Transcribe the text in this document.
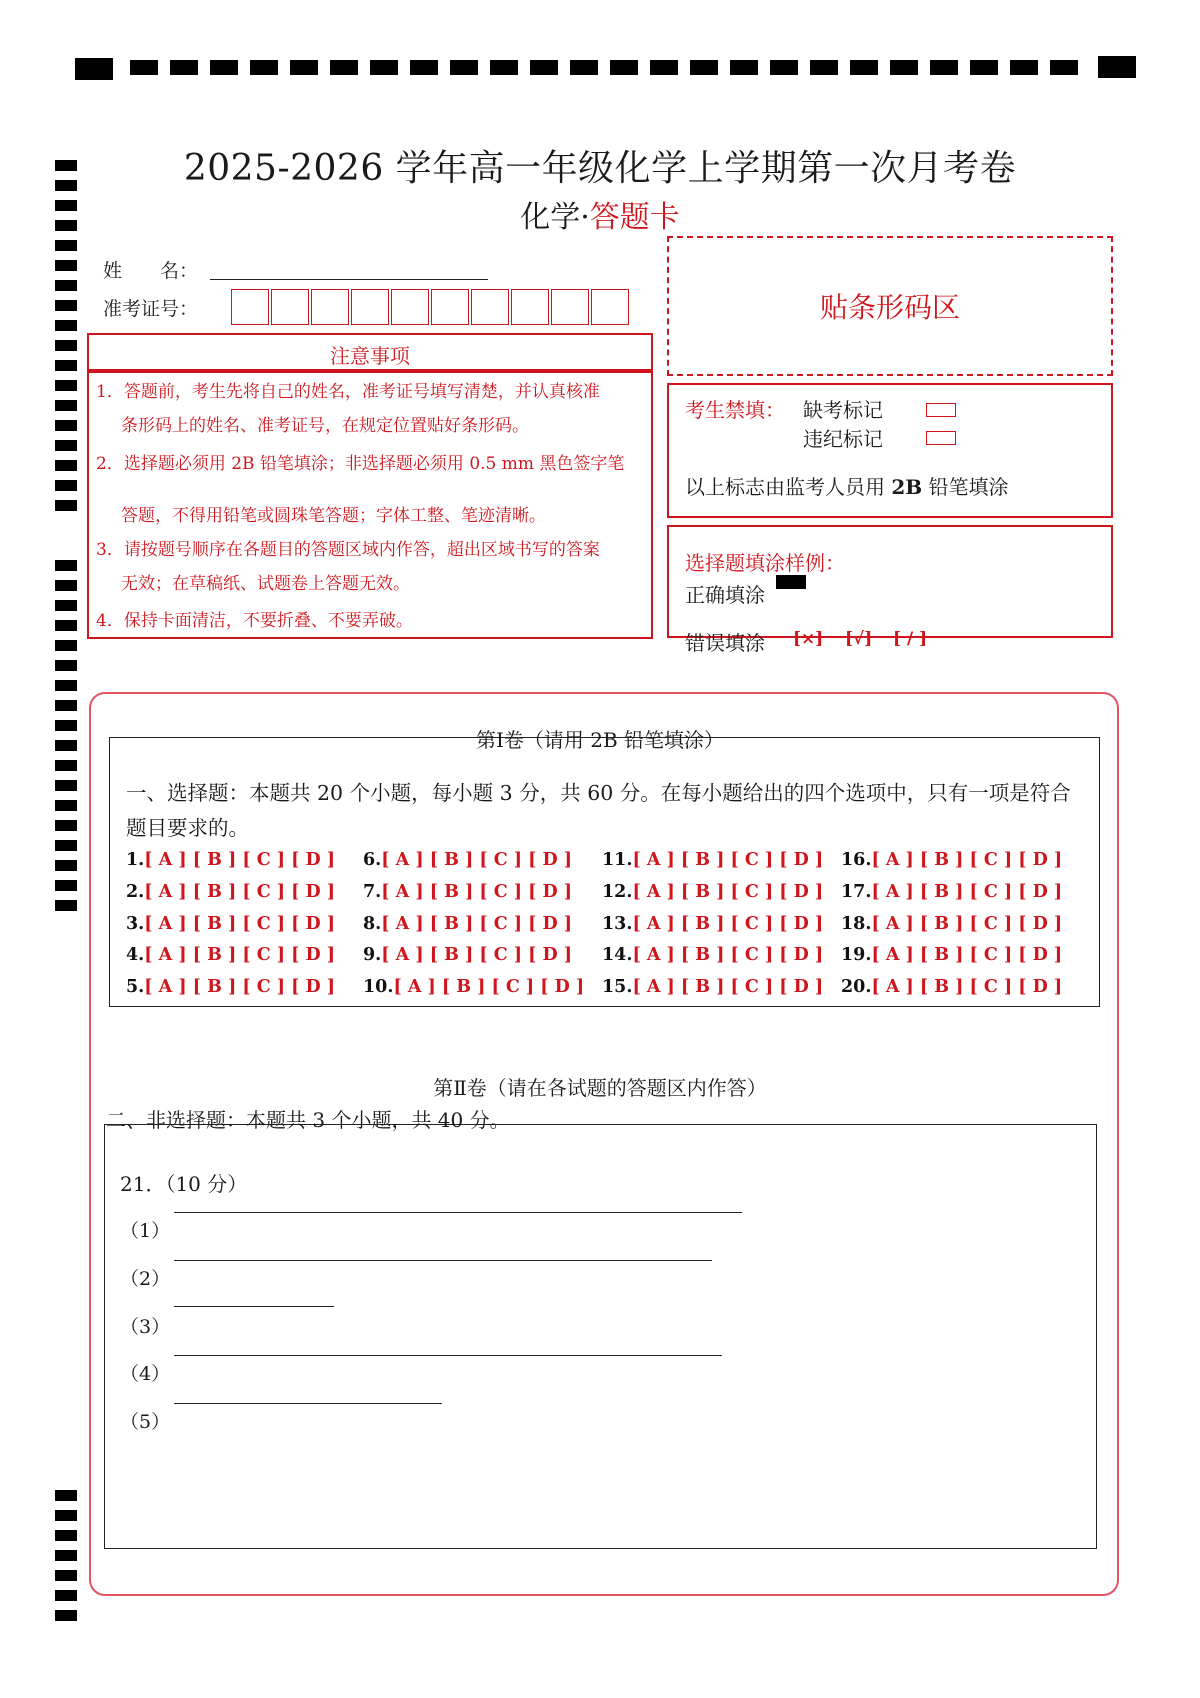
2025-2026 学年高一年级化学上学期第一次月考卷
化学·答题卡
姓　　名：
准考证号：	贴条形码区
注意事项
1．答题前，考生先将自己的姓名，准考证号填写清楚，并认真核准
条形码上的姓名、准考证号，在规定位置贴好条形码。
2．选择题必须用 2B 铅笔填涂；非选择题必须用 0.5 mm 黑色签字笔
答题，不得用铅笔或圆珠笔答题；字体工整、笔迹清晰。
3．请按题号顺序在各题目的答题区域内作答，超出区域书写的答案
无效；在草稿纸、试题卷上答题无效。
4．保持卡面清洁，不要折叠、不要弄破。
考生禁填： 缺考标记
违纪标记
以上标志由监考人员用 2B 铅笔填涂
选择题填涂样例：
正确填涂
错误填涂 [×] [√] [ / ]
第Ⅰ卷（请用 2B 铅笔填涂）
一、选择题：本题共 20 个小题，每小题 3 分，共 60 分。在每小题给出的四个选项中，只有一项是符合
题目要求的。
1.[ A ] [ B ] [ C ] [ D ]
2.[ A ] [ B ] [ C ] [ D ]
3.[ A ] [ B ] [ C ] [ D ]
4.[ A ] [ B ] [ C ] [ D ]
5.[ A ] [ B ] [ C ] [ D ]
6.[ A ] [ B ] [ C ] [ D ]
7.[ A ] [ B ] [ C ] [ D ]
8.[ A ] [ B ] [ C ] [ D ]
9.[ A ] [ B ] [ C ] [ D ]
10.[ A ] [ B ] [ C ] [ D ]
11.[ A ] [ B ] [ C ] [ D ]
12.[ A ] [ B ] [ C ] [ D ]
13.[ A ] [ B ] [ C ] [ D ]
14.[ A ] [ B ] [ C ] [ D ]
15.[ A ] [ B ] [ C ] [ D ]
16.[ A ] [ B ] [ C ] [ D ]
17.[ A ] [ B ] [ C ] [ D ]
18.[ A ] [ B ] [ C ] [ D ]
19.[ A ] [ B ] [ C ] [ D ]
20.[ A ] [ B ] [ C ] [ D ]
第Ⅱ卷（请在各试题的答题区内作答）
二、非选择题：本题共 3 个小题，共 40 分。
21．（10 分）
（1）
（2）
（3）
（4）
（5）
